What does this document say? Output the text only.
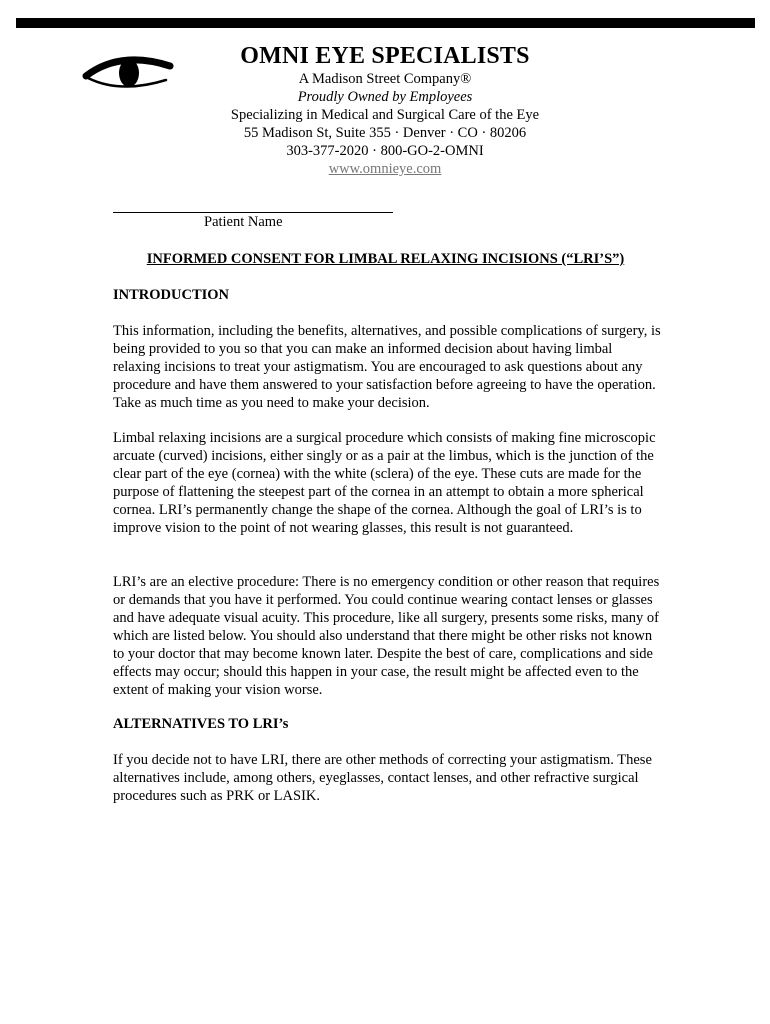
OMNI EYE SPECIALISTS
A Madison Street Company®
Proudly Owned by Employees
Specializing in Medical and Surgical Care of the Eye
55 Madison St, Suite 355 · Denver · CO · 80206
303-377-2020 · 800-GO-2-OMNI
www.omnieye.com
Patient Name
INFORMED CONSENT FOR LIMBAL RELAXING INCISIONS (“LRI’S”)
INTRODUCTION

This information, including the benefits, alternatives, and possible complications of surgery, is being provided to you so that you can make an informed decision about having limbal relaxing incisions to treat your astigmatism. You are encouraged to ask questions about any procedure and have them answered to your satisfaction before agreeing to have the operation. Take as much time as you need to make your decision.

Limbal relaxing incisions are a surgical procedure which consists of making fine microscopic arcuate (curved) incisions, either singly or as a pair at the limbus, which is the junction of the clear part of the eye (cornea) with the white (sclera) of the eye. These cuts are made for the purpose of flattening the steepest part of the cornea in an attempt to obtain a more spherical cornea. LRI’s permanently change the shape of the cornea. Although the goal of LRI’s is to improve vision to the point of not wearing glasses, this result is not guaranteed.

LRI’s are an elective procedure: There is no emergency condition or other reason that requires or demands that you have it performed. You could continue wearing contact lenses or glasses and have adequate visual acuity. This procedure, like all surgery, presents some risks, many of which are listed below. You should also understand that there might be other risks not known to your doctor that may become known later. Despite the best of care, complications and side effects may occur; should this happen in your case, the result might be affected even to the extent of making your vision worse.

ALTERNATIVES TO LRI’s

If you decide not to have LRI, there are other methods of correcting your astigmatism. These alternatives include, among others, eyeglasses, contact lenses, and other refractive surgical procedures such as PRK or LASIK.
